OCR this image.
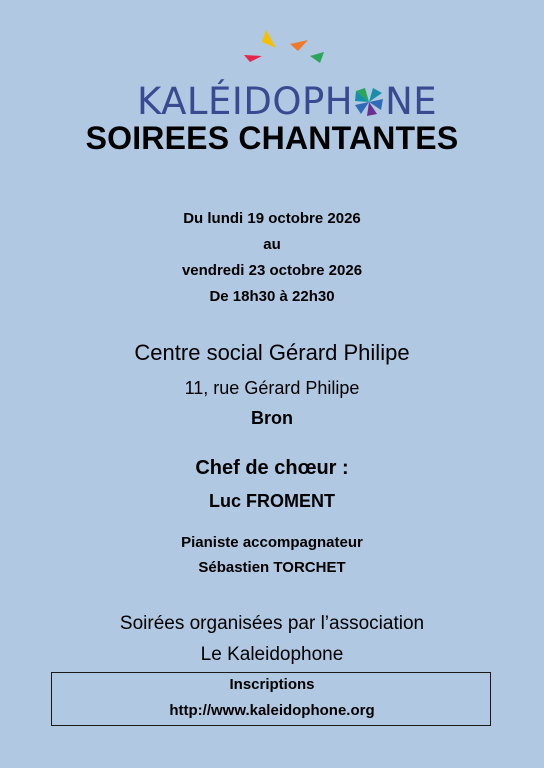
KALÉIDOPH NE
SOIREES CHANTANTES
Du lundi 19 octobre 2026
au
vendredi 23 octobre 2026
De 18h30 à 22h30
Centre social Gérard Philipe
11, rue Gérard Philipe
Bron
Chef de chœur :
Luc FROMENT
Pianiste accompagnateur
Sébastien TORCHET
Soirées organisées par l’association
Le Kaleidophone
Inscriptions
http://www.kaleidophone.org
